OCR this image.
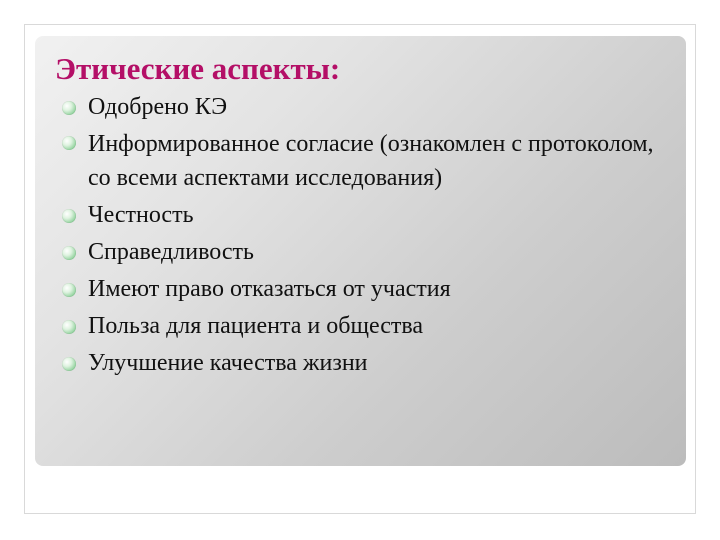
Этические аспекты:
Одобрено КЭ
Информированное согласие (ознакомлен с протоколом, со всеми аспектами исследования)
Честность
Справедливость
Имеют право отказаться от участия
Польза для пациента и общества
Улучшение качества жизни
